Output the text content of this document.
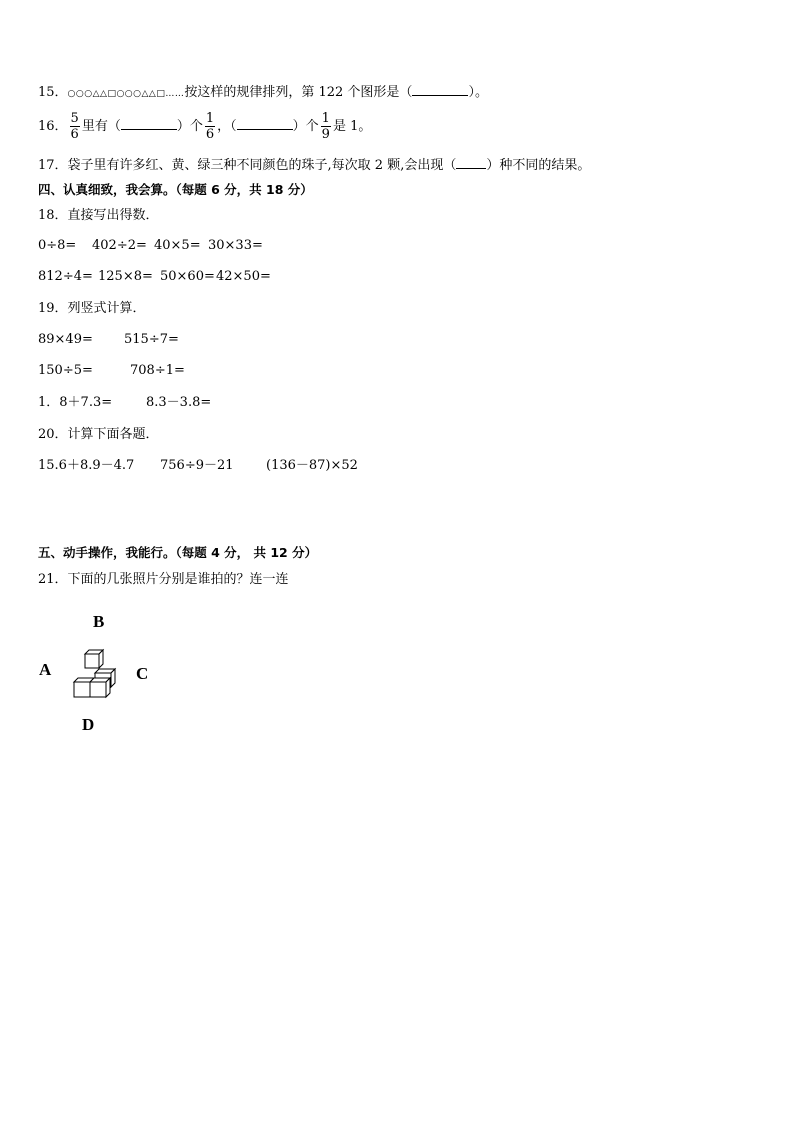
15．○○○△△□○○○△△□……按这样的规律排列，第 122 个图形是（	）。
16． $\frac{5}{6}$ 里有（	）个 $\frac{1}{6}$ ，（	）个 $\frac{1}{9}$ 是 1。
17．袋子里有许多红、黄、绿三种不同颜色的珠子,每次取 2 颗,会出现（ ）种不同的结果。
四、认真细致，我会算。（每题 6 分，共 18 分）
18．直接写出得数．
0÷8= 402÷2= 40×5= 30×33=
812÷4= 125×8= 50×60=42×50=
19．列竖式计算．
89×49= 515÷7=
150÷5=	708÷1=
1．8＋7.3=	8.3－3.8=
20．计算下面各题．
15.6＋8.9－4.7 756÷9－21 (136－87)×52
五、动手操作，我能行。（每题 4 分， 共 12 分）
21．下面的几张照片分别是谁拍的？连一连
B
A	C
D
